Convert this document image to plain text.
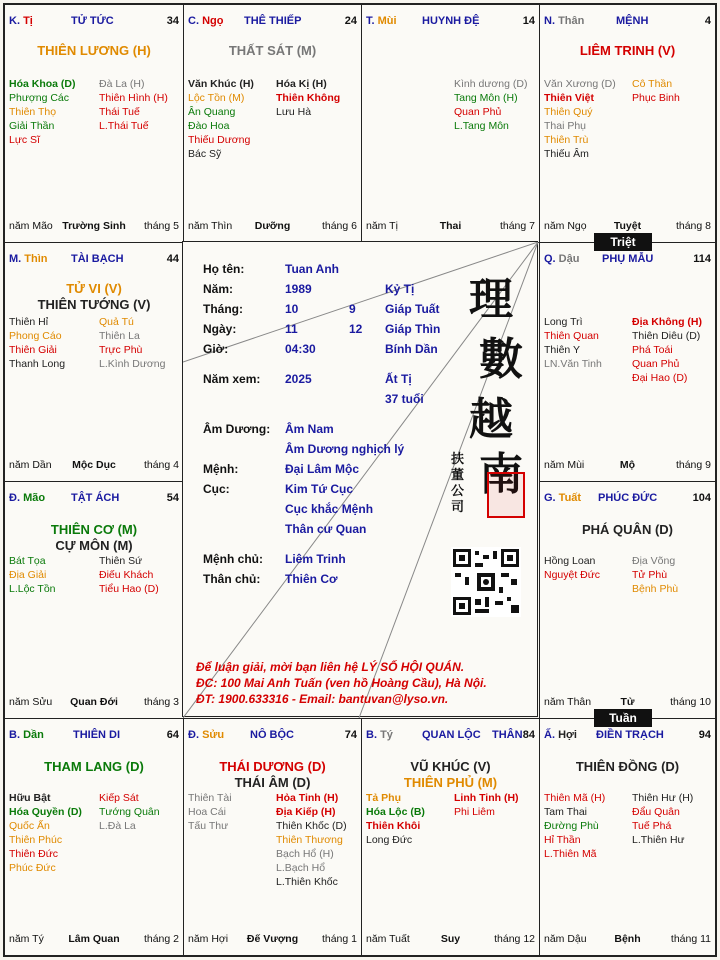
K. Tị	TỬ TỨC	34
THIÊN LƯƠNG (H)
Hóa Khoa (D)
Phượng Các
Thiên Thọ
Giải Thần
Lực Sĩ
Đà La (H)
Thiên Hình (H)
Thái Tuế
L.Thái Tuế
năm Mão Trường Sinh	tháng 5
C. Ngọ THÊ THIẾP	24
THẤT SÁT (M)
Văn Khúc (H)
Lộc Tồn (M)
Ân Quang
Đào Hoa
Thiếu Dương
Bác Sỹ
Hóa Kị (H)
Thiên Không
Lưu Hà
năm Thìn	Dưỡng	tháng 6
T. Mùi HUYNH ĐỆ	14
Kình dương (D)
Tang Môn (H)
Quan Phủ
L.Tang Môn
năm Tị	Thai	tháng 7
N. Thân	MỆNH	4
LIÊM TRINH (V)
Văn Xương (D)
Thiên Việt
Thiên Quý
Thai Phụ
Thiên Trù
Thiếu Âm
Cô Thần
Phục Binh
năm Ngọ	Tuyệt	tháng 8
M. Thìn TÀI BẠCH	44
TỬ VI (V)
THIÊN TƯỚNG (V)
Thiên Hỉ
Phong Cáo
Thiên Giải
Thanh Long
Quả Tú
Thiên La
Trực Phù
L.Kình Dương
năm Dần	Mộc Dục	tháng 4
Q. Dậu PHỤ MẪU	114
Long Trì
Thiên Quan
Thiên Y
LN.Văn Tinh
Địa Không (H)
Thiên Diêu (D)
Phá Toái
Quan Phủ
Đại Hao (D)
năm Mùi	Mộ	tháng 9
Đ. Mão TẬT ÁCH	54
THIÊN CƠ (M)
CỰ MÔN (M)
Bát Tọa
Địa Giải
L.Lộc Tồn
Thiên Sứ
Điếu Khách
Tiểu Hao (D)
năm Sửu	Quan Đới	tháng 3
G. Tuất PHÚC ĐỨC	104
PHÁ QUÂN (D)
Hồng Loan
Nguyệt Đức
Địa Võng
Tử Phù
Bệnh Phù
năm Thân	Tử	tháng 10
B. Dần	THIÊN DI	64
THAM LANG (D)
Hữu Bật
Hóa Quyền (D)
Quốc Ấn
Thiên Phúc
Thiên Đức
Phúc Đức
Kiếp Sát
Tướng Quân
L.Đà La
năm Tý	Lâm Quan	tháng 2
Đ. Sửu NÔ BỘC	74
THÁI DƯƠNG (D)
THÁI ÂM (D)
Thiên Tài
Hoa Cái
Tấu Thư
Hỏa Tinh (H)
Địa Kiếp (H)
Thiên Khốc (D)
Thiên Thương
Bạch Hổ (H)
L.Bạch Hổ
L.Thiên Khốc
năm Hợi	Đế Vượng	tháng 1
B. Tý	QUAN LỘC THÂN 84
VŨ KHÚC (V)
THIÊN PHỦ (M)
Tả Phụ
Hóa Lộc (B)
Thiên Khôi
Long Đức
Linh Tinh (H)
Phi Liêm
năm Tuất	Suy	tháng 12
Ấ. Hợi ĐIỀN TRẠCH	94
THIÊN ĐỒNG (D)
Thiên Mã (H)
Tam Thai
Đường Phù
Hỉ Thần
L.Thiên Mã
Thiên Hư (H)
Đẩu Quân
Tuế Phá
L.Thiên Hư
năm Dậu	Bệnh	tháng 11
Họ tên:	Tuan Anh
Năm:	1989	Kỷ Tị
Tháng:	10	9 Giáp Tuất
Ngày:	11	12 Giáp Thìn
Giờ:	04:30	Bính Dần
Năm xem: 2025	Ất Tị
37 tuổi
Âm Dương: Âm Nam
Âm Dương nghịch lý
Mệnh:	Đại Lâm Mộc
Cục:	Kim Tứ Cục
Cục khắc Mệnh
Thân cư Quan
Mệnh chủ: Liêm Trinh
Thân chủ: Thiên Cơ
理
數
越
南
扶董公司
Để luận giải, mời bạn liên hệ LÝ SỐ HỘI QUÁN.
ĐC: 100 Mai Anh Tuấn (ven hồ Hoàng Cầu), Hà Nội.
ĐT: 1900.633316 - Email: bantuvan@lyso.vn.
Triệt
Tuần
